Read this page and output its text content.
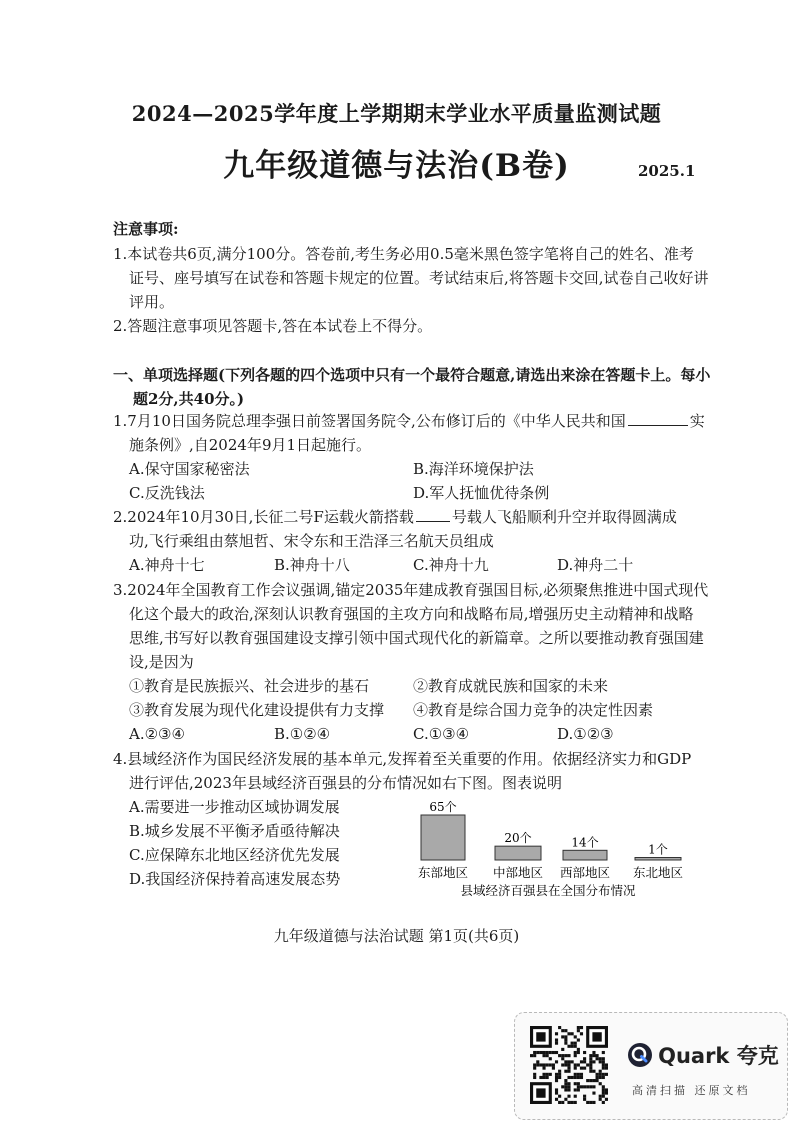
2024—2025学年度上学期期末学业水平质量监测试题
九年级道德与法治(B卷)	2025.1
注意事项:
1.本试卷共6页,满分100分。答卷前,考生务必用0.5毫米黑色签字笔将自己的姓名、准考
证号、座号填写在试卷和答题卡规定的位置。考试结束后,将答题卡交回,试卷自己收好讲
评用。
2.答题注意事项见答题卡,答在本试卷上不得分。
一、单项选择题(下列各题的四个选项中只有一个最符合题意,请选出来涂在答题卡上。每小
题2分,共40分。)
1.7月10日国务院总理李强日前签署国务院令,公布修订后的《中华人民共和国	实
施条例》,自2024年9月1日起施行。
A.保守国家秘密法	B.海洋环境保护法
C.反洗钱法	D.军人抚恤优待条例
2.2024年10月30日,长征二号F运载火箭搭载	号载人飞船顺利升空并取得圆满成
功,飞行乘组由蔡旭哲、宋令东和王浩泽三名航天员组成
A.神舟十七	B.神舟十八	C.神舟十九	D.神舟二十
3.2024年全国教育工作会议强调,锚定2035年建成教育强国目标,必须聚焦推进中国式现代
化这个最大的政治,深刻认识教育强国的主攻方向和战略布局,增强历史主动精神和战略
思维,书写好以教育强国建设支撑引领中国式现代化的新篇章。之所以要推动教育强国建
设,是因为
①教育是民族振兴、社会进步的基石	②教育成就民族和国家的未来
③教育发展为现代化建设提供有力支撑 ④教育是综合国力竞争的决定性因素
A.②③④	B.①②④	C.①③④	D.①②③
4.县域经济作为国民经济发展的基本单元,发挥着至关重要的作用。依据经济实力和GDP
进行评估,2023年县域经济百强县的分布情况如右下图。图表说明
A.需要进一步推动区域协调发展
B.城乡发展不平衡矛盾亟待解决
C.应保障东北地区经济优先发展
D.我国经济保持着高速发展态势
65个
东部地区
20个
中部地区
14个
西部地区
1个
东北地区
县域经济百强县在全国分布情况
九年级道德与法治试题 第1页(共6页)
Quark 夸克
高清扫描 还原文档
